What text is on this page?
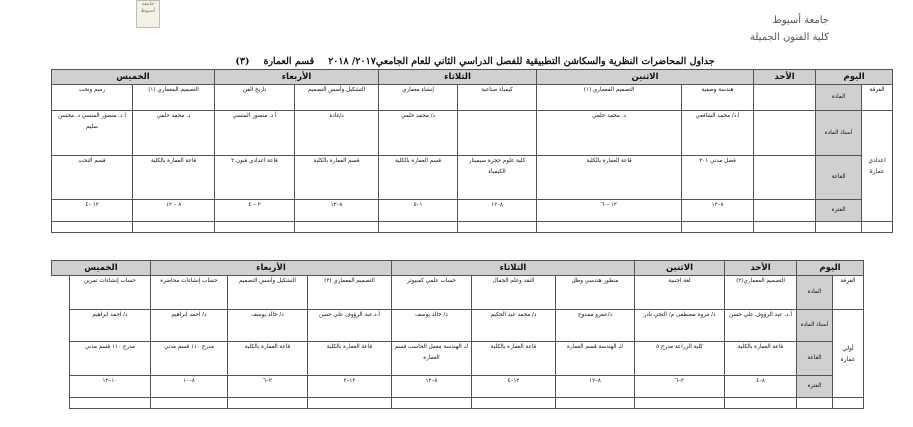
جامعة
أسيوط
جامعة أسيوط
كلية الفنون الجميلة
جداول المحاضرات النظرية والسكاشن التطبيقية للفصل الدراسي الثاني للعام الجامعي٢٠١٧/ ٢٠١٨قسم العمارة(٣)
اليوم		الأحد	الاثنين		الثلاثاء		الأربعاء		الخميس	
الفرقة	المادة		هندسة وصفية	التصميم المعماري (١)	كيمياء صناعية	إنشاء معماري	التشكيل وأسس التصميم	تاريخ الفن	التصميم المعماري (١)	رسم ونحت
اعدادي عمارة	أستاذ المادة		أ.د/ محمد الشافعي	د. محمد حلمي		د/ محمد حلمي	د/غادة	أ د. منصور المنسي	د. محمد حلمي	أ د. منصور المنسي د. محسن سليم
	القاعة		فصل مدني ٢٠١	قاعة العمارة بالكلية	كلية علوم حجرة سيمينار الكيمياء	قسم العمارة بالكلية	قسم العمارة بالكلية	قاعة اعدادي فنون ٢	قاعة العمارة بالكلية	قسم النحت
	الفترة		٨–١٢	١٢ – ٦	٨–١٢	١–٥	٨–١٢	٢ – ٤	٨ – ١٢	١٢ –٤

اليوم		الأحد	الاثنين	الثلاثاء			الأربعاء			الخميس
الفرقة	المادة	التصميم المعماري(٢)	لغة اجنبية	منظور هندسي وظل	النقد وعلم الجمال	حساب علمي كمبيوتر	التصميم المعماري (٢)	التشكيل وأسس التصميم	حساب إنشاءات محاضرة	حساب إنشاءات تمرين
أولي عمارة	أستاذ المادة	أ.د. عبد الرؤوف علي حسن	د/ مروة مصطفى م/ النجي نادر	د/عمرو ممدوح	د/ محمد عبد الحكيم	د/ خالد يوسف	أ.د.عبد الرؤوف علي حسن	د/ خالد يوسف	د/ احمد ابراهيم	د/ احمد ابراهيم
	القاعة	قاعة العمارة بالكلية	كلية الزراعة مدرج ٥	ك الهندسة قسم العمارة	قاعة العمارة بالكلية	ك الهندسة معمل الحاسب قسم العمارة	قاعة العمارة بالكلية	قاعة العمارة بالكلية	مدرج ١١٠ قسم مدني	مدرج ١١٠ قسم مدني
	الفترة	٨–٤	٢–٦	٨–١٢	١٢–٤	٨–١٢	١٢–٢	٢–٦	٨–١٠	١٠–١٢
